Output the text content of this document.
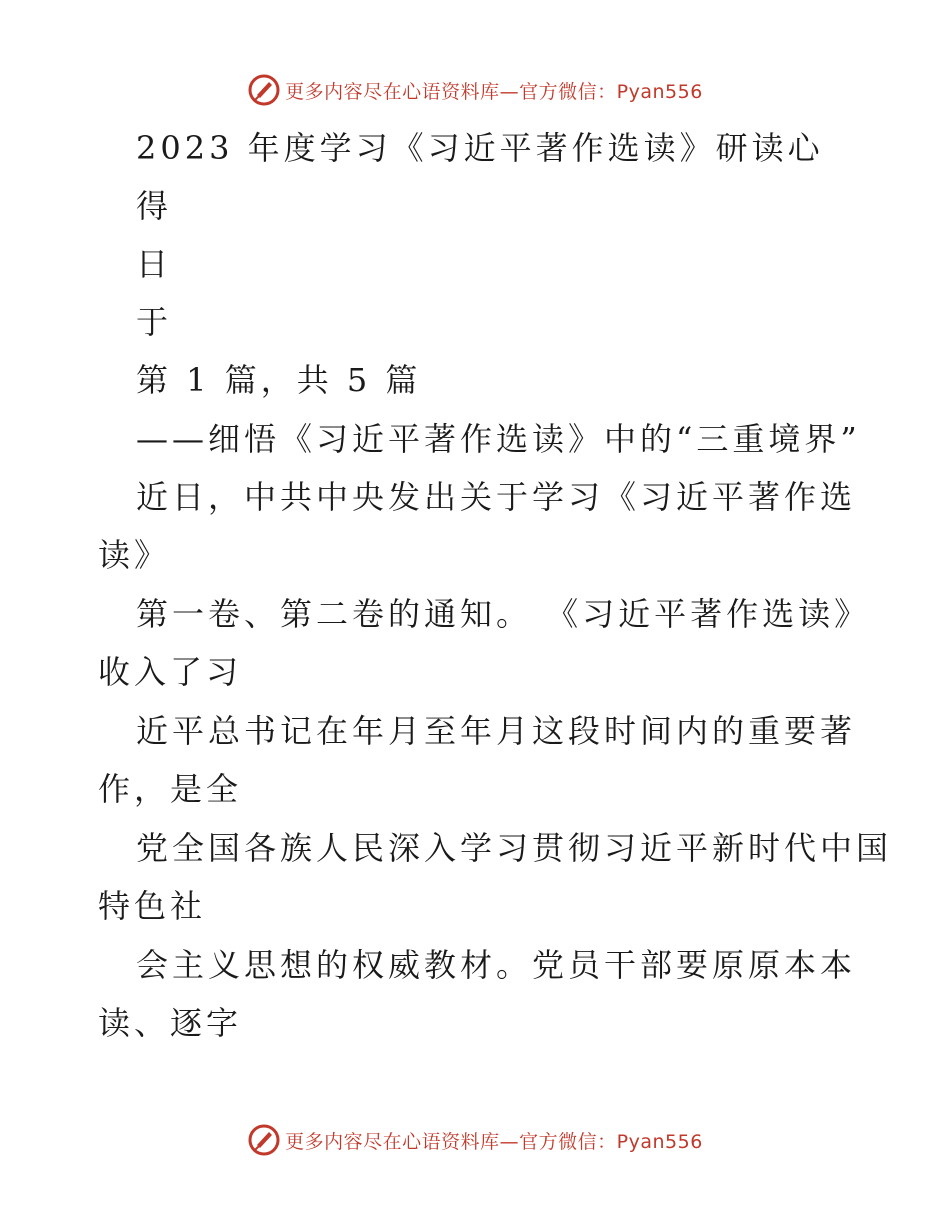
更多内容尽在心语资料库—官方微信：Pyan556
2023 年度学习《习近平著作选读》研读心
得
日
于
第 1 篇，共 5 篇
——细悟《习近平著作选读》中的“三重境界”
近日，中共中央发出关于学习《习近平著作选
读》
第一卷、第二卷的通知。 《习近平著作选读》
收入了习
近平总书记在年月至年月这段时间内的重要著
作，是全
党全国各族人民深入学习贯彻习近平新时代中国
特色社
会主义思想的权威教材。党员干部要原原本本
读、逐字
更多内容尽在心语资料库—官方微信：Pyan556
